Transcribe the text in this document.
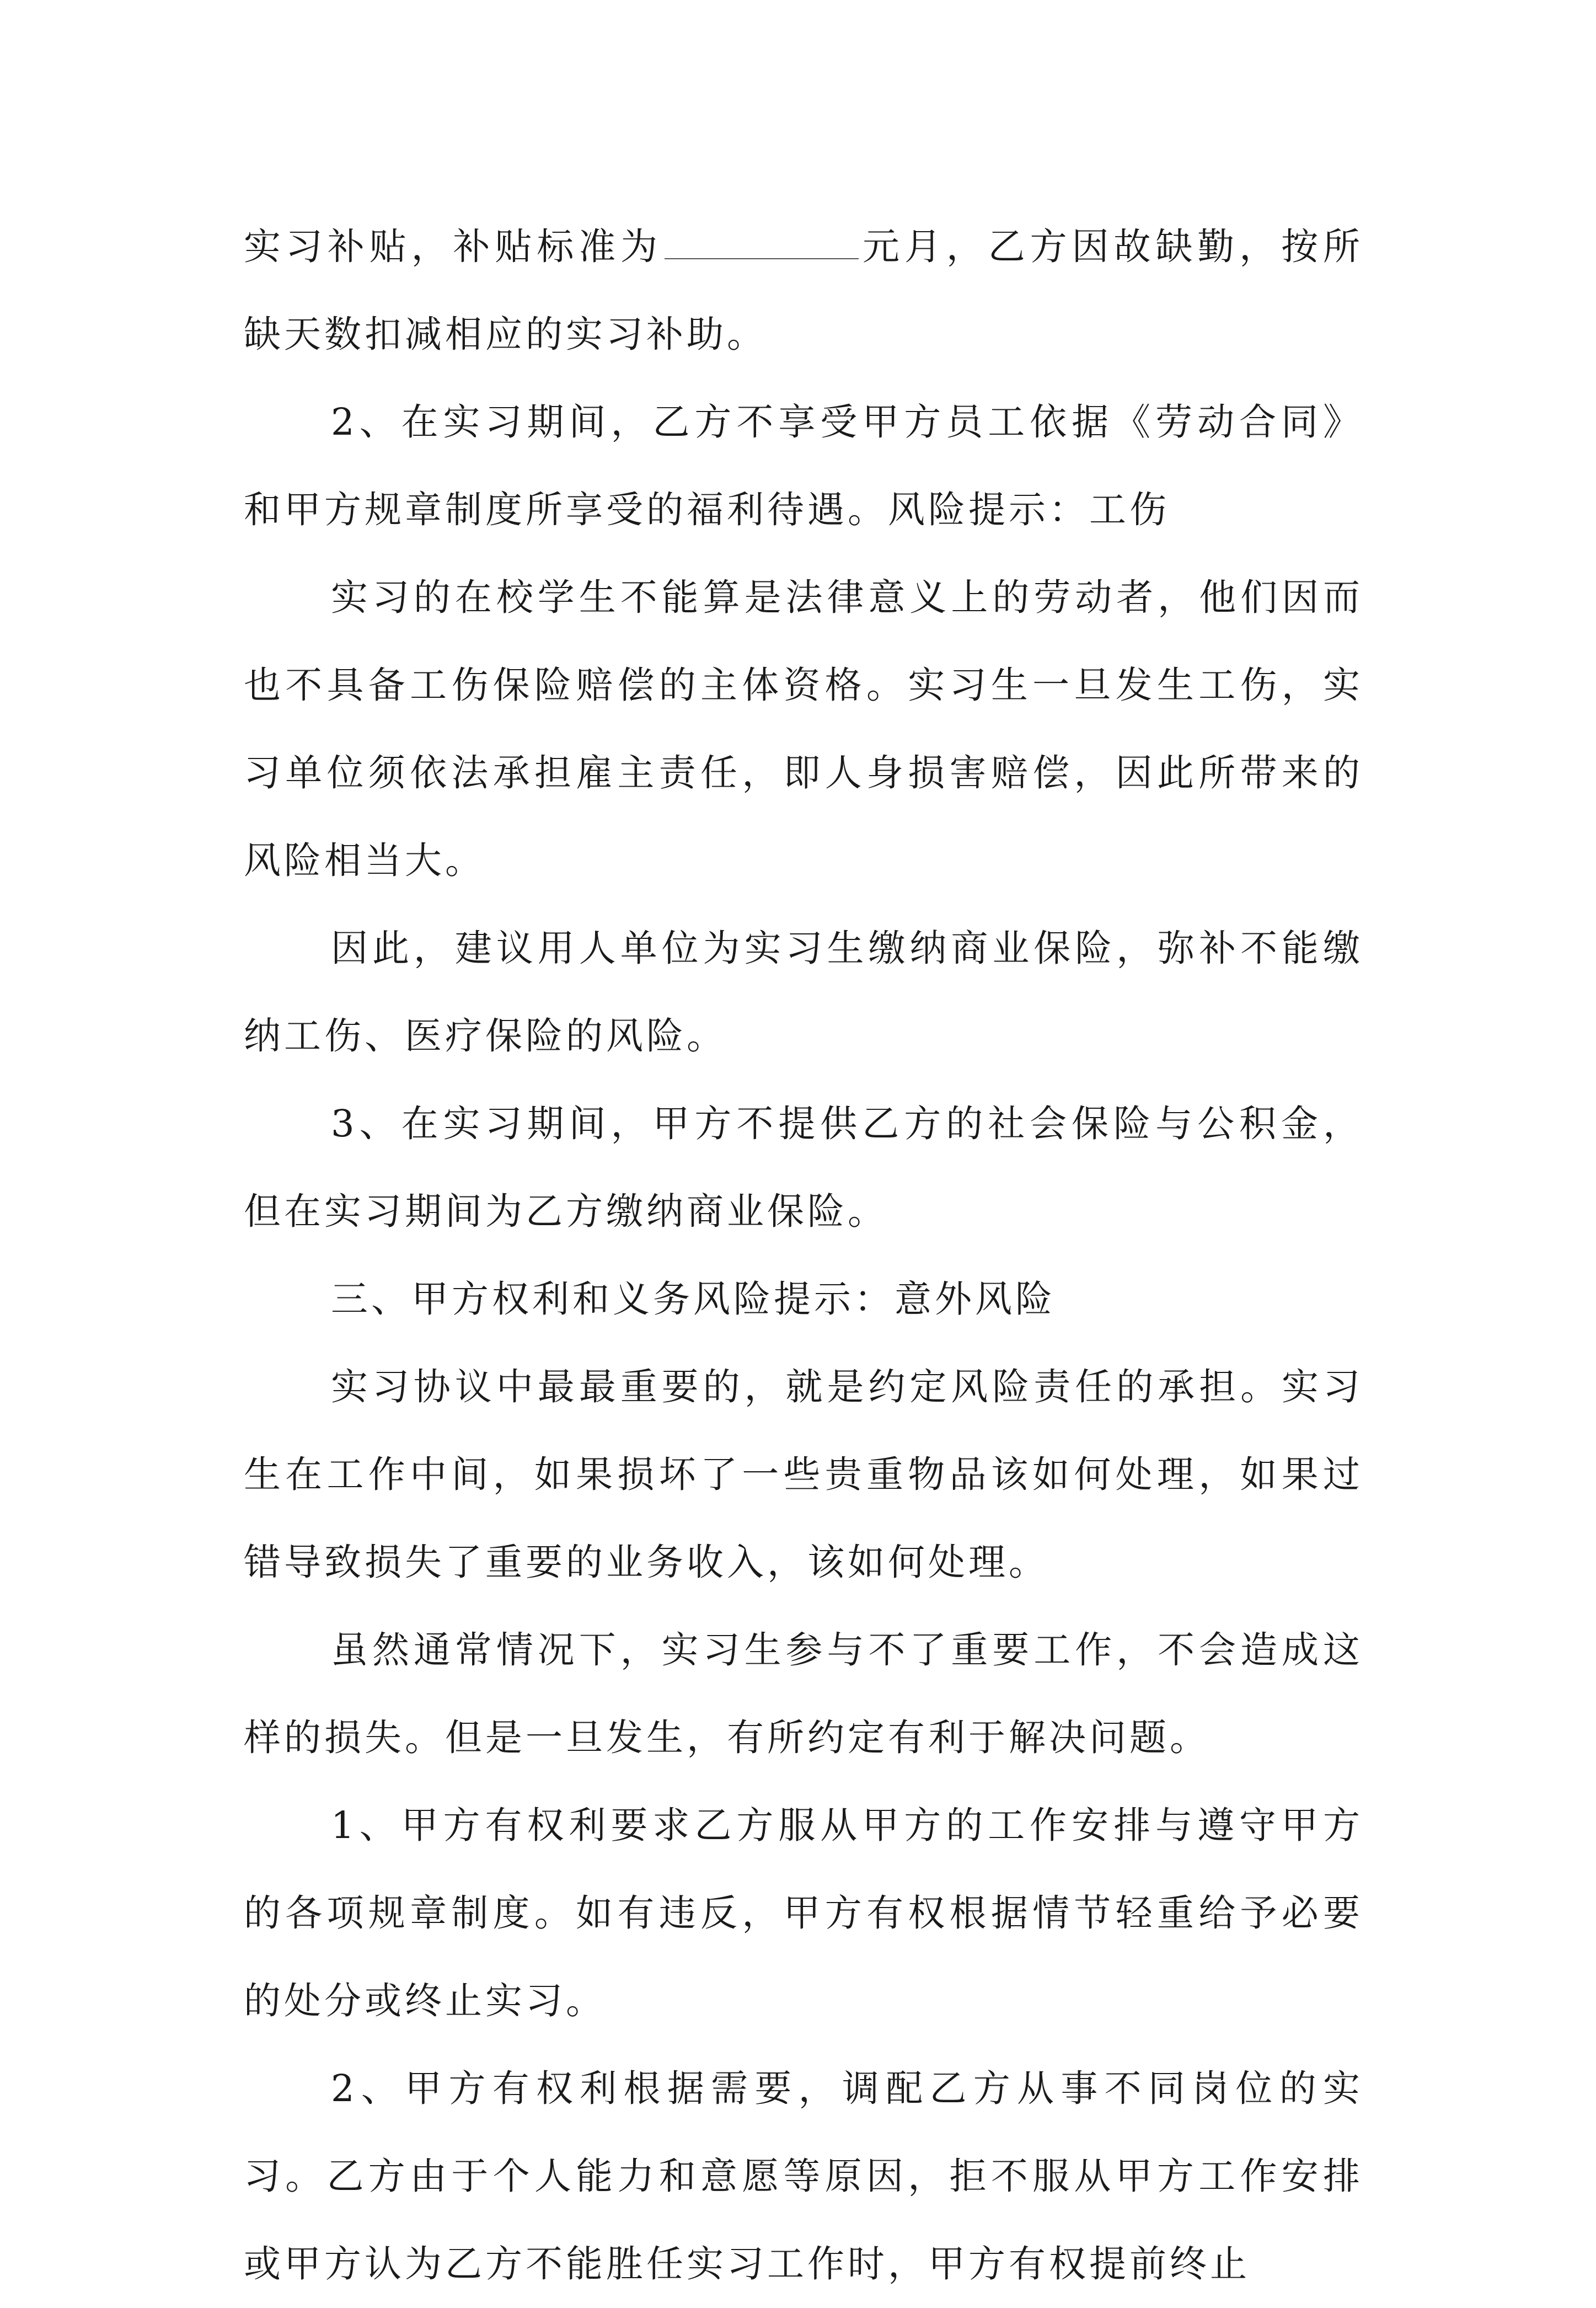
实习补贴，补贴标准为	元月，乙方因故缺勤，按所缺天数扣减相应的实习补助。

2、在实习期间，乙方不享受甲方员工依据《劳动合同》和甲方规章制度所享受的福利待遇。风险提示：工伤

实习的在校学生不能算是法律意义上的劳动者，他们因而也不具备工伤保险赔偿的主体资格。实习生一旦发生工伤，实习单位须依法承担雇主责任，即人身损害赔偿，因此所带来的风险相当大。

因此，建议用人单位为实习生缴纳商业保险，弥补不能缴纳工伤、医疗保险的风险。

3、在实习期间，甲方不提供乙方的社会保险与公积金，但在实习期间为乙方缴纳商业保险。

三、甲方权利和义务风险提示：意外风险

实习协议中最最重要的，就是约定风险责任的承担。实习生在工作中间，如果损坏了一些贵重物品该如何处理，如果过错导致损失了重要的业务收入，该如何处理。

虽然通常情况下，实习生参与不了重要工作，不会造成这样的损失。但是一旦发生，有所约定有利于解决问题。

1、甲方有权利要求乙方服从甲方的工作安排与遵守甲方的各项规章制度。如有违反，甲方有权根据情节轻重给予必要的处分或终止实习。

2、甲方有权利根据需要，调配乙方从事不同岗位的实习。乙方由于个人能力和意愿等原因，拒不服从甲方工作安排或甲方认为乙方不能胜任实习工作时，甲方有权提前终止
